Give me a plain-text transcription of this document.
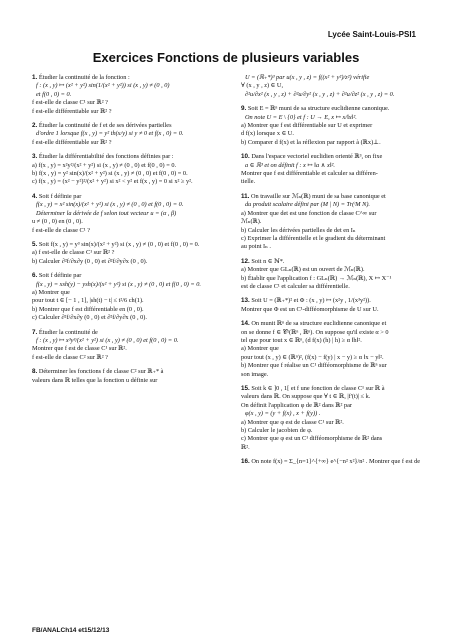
Lycée Saint-Louis-PSI1
Exercices Fonctions de plusieurs variables

1. Étudier la continuité de la fonction :

f : (x , y) ↦ (x² + y²) sin(1/(x² + y²)) si (x , y) ≠ (0 , 0)

et f(0 , 0) = 0.

f est-elle de classe C¹ sur ℝ² ?

f est-elle différentiable sur ℝ² ?

2. Étudier la continuité de f et de ses dérivées partielles

d'ordre 1 lorsque f(x , y) = y² th(x/y) si y ≠ 0 et f(x , 0) = 0.

f est-elle différentiable sur ℝ² ?

3. Étudier la différentiabilité des fonctions définies par :

a) f(x , y) = x²y²/(x² + y²) si (x , y) ≠ (0 , 0) et f(0 , 0) = 0.

b) f(x , y) = y² sin(x)/(x² + y²) si (x , y) ≠ (0 , 0) et f(0 , 0) = 0.

c) f(x , y) = (x² − y²)²/(x² + y²) si x² < y² et f(x , y) = 0 si x² ≥ y².

4. Soit f définie par

f(x , y) = x² sin(x)/(x² + y²) si (x , y) ≠ (0 , 0) et f(0 , 0) = 0.

Déterminer la dérivée de f selon tout vecteur u = (α , β)

u ≠ (0 , 0) en (0 , 0).

f est-elle de classe C¹ ?

5. Soit f(x , y) = y³ sin(x)/(x² + y²) si (x , y) ≠ (0 , 0) et f(0 , 0) = 0.

a) f est-elle de classe C¹ sur ℝ² ?

b) Calculer ∂²f/∂x∂y (0 , 0) et ∂²f/∂y∂x (0 , 0).

6. Soit f définie par

f(x , y) = xsh(y) − ysh(x)/(x² + y²) si (x , y) ≠ (0 , 0) et f(0 , 0) = 0.

a) Montrer que

pour tout t ∈ [− 1 , 1], |sh(t) − t| ≤ t²/6 ch(1).

b) Montrer que f est différentiable en (0 , 0).

c) Calculer ∂²f/∂x∂y (0 , 0) et ∂²f/∂y∂x (0 , 0).

7. Étudier la continuité de

f : (x , y) ↦ x³y³/(x² + y²) si (x , y) ≠ (0 , 0) et f(0 , 0) = 0.

Montrer que f est de classe C¹ sur ℝ².

f est-elle de classe C² sur ℝ² ?

8. Déterminer les fonctions f de classe C² sur ℝ₊* à

valeurs dans ℝ telles que la fonction u définie sur

U = (ℝ₊*)³ par u(x , y , z) = f((x² + y²)/z²) vérifie

∀ (x , y , z) ∈ U,

∂²u/∂x² (x , y , z) + ∂²u/∂y² (x , y , z) + ∂²u/∂z² (x , y , z) = 0.

9. Soit E = ℝⁿ muni de sa structure euclidienne canonique.

On note U = E \ {0} et f : U → E, x ↦ x/‖x‖².

a) Montrer que f est différentiable sur U et exprimer

d f(x) lorsque x ∈ U.

b) Comparer d f(x) et la réflexion par rapport à (ℝx)⊥.

10. Dans l'espace vectoriel euclidien orienté ℝ³, on fixe

a ∈ ℝ³ et on définit f : x ↦ ‖a ∧ x‖².

Montrer que f est différentiable et calculer sa différen-

tielle.

11. On travaille sur ℳₙ(ℝ) muni de sa base canonique et

du produit scalaire défini par (M | N) = Tr(ᵗM N).

a) Montrer que det est une fonction de classe C^∞ sur

ℳₙ(ℝ).

b) Calculer les dérivées partielles de det en Iₙ

c) Exprimer la différentielle et le gradient du déterminant

au point Iₙ .

12. Soit n ∈ ℕ*.

a) Montrer que GLₙ(ℝ) est un ouvert de ℳₙ(ℝ).

b) Établir que l'application f : GLₙ(ℝ) → ℳₙ(ℝ), X ↦ X⁻¹

est de classe C¹ et calculer sa différentielle.

13. Soit U = (ℝ₊*)² et Φ : (x , y) ↦ (x²y , 1/(x³y²)).

Montrer que Φ est un C¹-difféomorphisme de U sur U.

14. On munit ℝⁿ de sa structure euclidienne canonique et

on se donne f ∈ 𝒞¹(ℝⁿ , ℝⁿ). On suppose qu'il existe α > 0

tel que pour tout x ∈ ℝⁿ, (d f(x) (h) | h) ≥ α ‖h‖².

a) Montrer que

pour tout (x , y) ∈ (ℝⁿ)², (f(x) − f(y) | x − y) ≥ α ‖x − y‖².

b) Montrer que f réalise un C¹ difféomorphisme de ℝⁿ sur

son image.

15. Soit k ∈ ]0 , 1[ et f une fonction de classe C¹ sur ℝ à

valeurs dans ℝ. On suppose que ∀ t ∈ ℝ, |f'(t)| ≤ k.

On définit l'application φ de ℝ² dans ℝ² par

φ(x , y) = (y + f(x) , x + f(y)) .

a) Montrer que φ est de classe C¹ sur ℝ².

b) Calculer le jacobien de φ.

c) Montrer que φ est un C¹ difféomorphisme de ℝ² dans

ℝ².

16. On note f(x) = Σ_{n=1}^{+∞} e^{−n² x²}/n² . Montrer que f est de

FB/ANALCh14 et15/12/13
